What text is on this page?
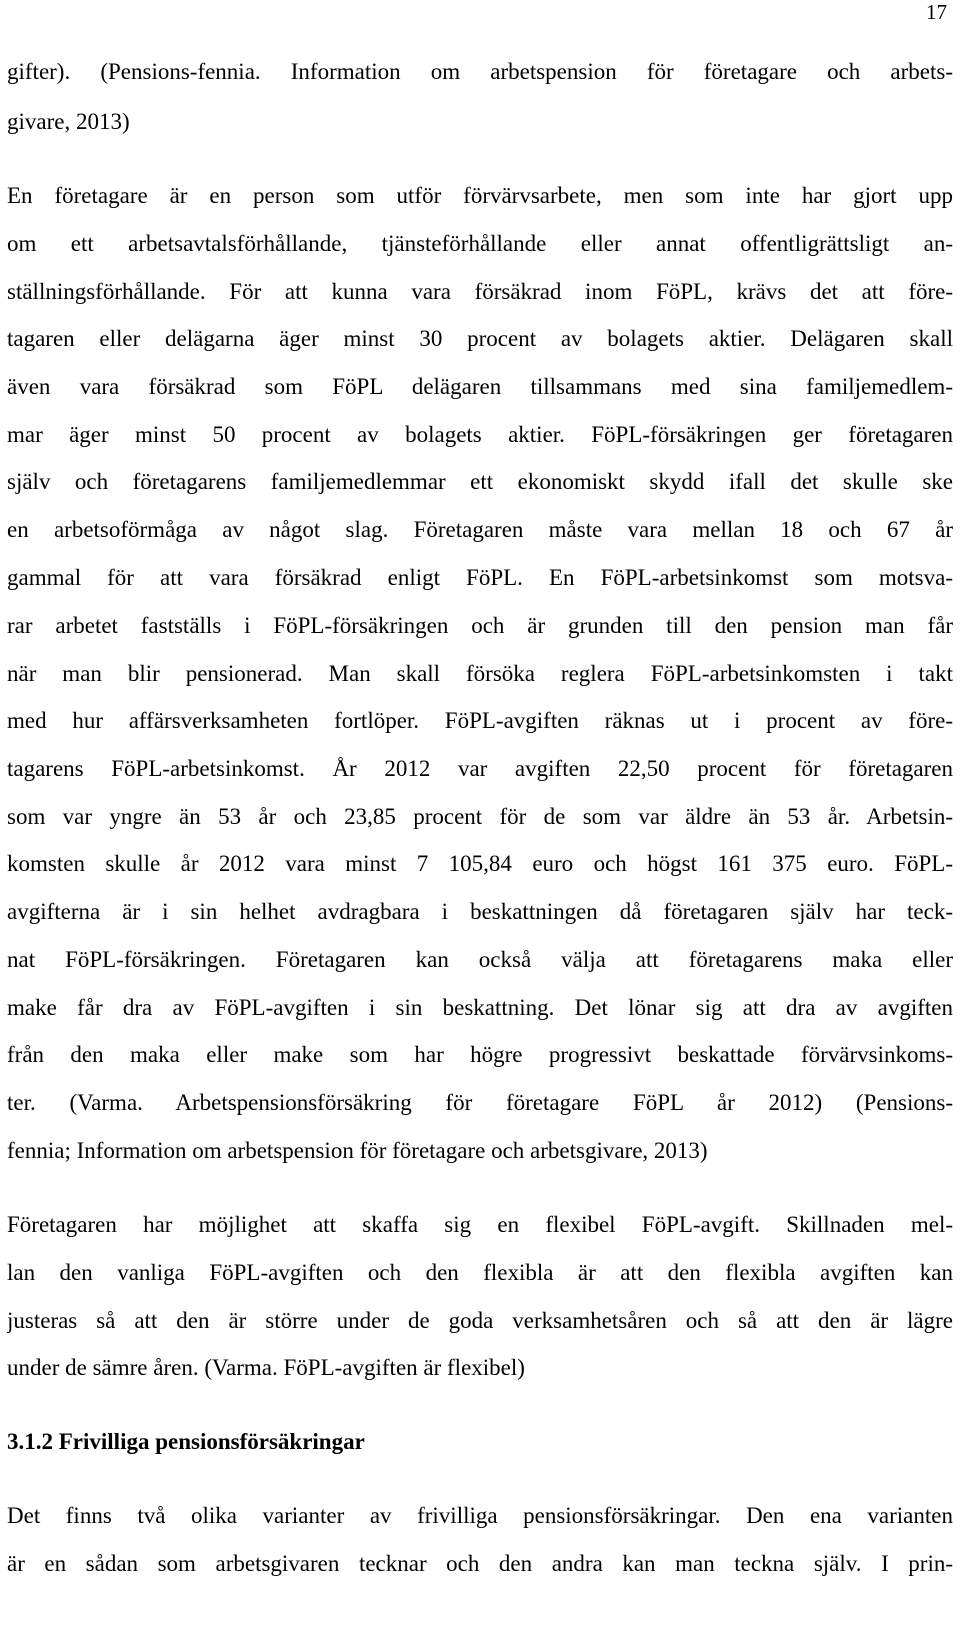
17
gifter). (Pensions-fennia. Information om arbetspension för företagare och arbets-
givare, 2013)
En företagare är en person som utför förvärvsarbete, men som inte har gjort upp
om ett arbetsavtalsförhållande, tjänsteförhållande eller annat offentligrättsligt an-
ställningsförhållande. För att kunna vara försäkrad inom FöPL, krävs det att före-
tagaren eller delägarna äger minst 30 procent av bolagets aktier. Delägaren skall
även vara försäkrad som FöPL delägaren tillsammans med sina familjemedlem-
mar äger minst 50 procent av bolagets aktier. FöPL-försäkringen ger företagaren
själv och företagarens familjemedlemmar ett ekonomiskt skydd ifall det skulle ske
en arbetsoförmåga av något slag. Företagaren måste vara mellan 18 och 67 år
gammal för att vara försäkrad enligt FöPL. En FöPL-arbetsinkomst som motsva-
rar arbetet fastställs i FöPL-försäkringen och är grunden till den pension man får
när man blir pensionerad. Man skall försöka reglera FöPL-arbetsinkomsten i takt
med hur affärsverksamheten fortlöper. FöPL-avgiften räknas ut i procent av före-
tagarens FöPL-arbetsinkomst. År 2012 var avgiften 22,50 procent för företagaren
som var yngre än 53 år och 23,85 procent för de som var äldre än 53 år. Arbetsin-
komsten skulle år 2012 vara minst 7 105,84 euro och högst 161 375 euro. FöPL-
avgifterna är i sin helhet avdragbara i beskattningen då företagaren själv har teck-
nat FöPL-försäkringen. Företagaren kan också välja att företagarens maka eller
make får dra av FöPL-avgiften i sin beskattning. Det lönar sig att dra av avgiften
från den maka eller make som har högre progressivt beskattade förvärvsinkoms-
ter. (Varma. Arbetspensionsförsäkring för företagare FöPL år 2012) (Pensions-
fennia; Information om arbetspension för företagare och arbetsgivare, 2013)
Företagaren har möjlighet att skaffa sig en flexibel FöPL-avgift. Skillnaden mel-
lan den vanliga FöPL-avgiften och den flexibla är att den flexibla avgiften kan
justeras så att den är större under de goda verksamhetsåren och så att den är lägre
under de sämre åren. (Varma. FöPL-avgiften är flexibel)
3.1.2 Frivilliga pensionsförsäkringar
Det finns två olika varianter av frivilliga pensionsförsäkringar. Den ena varianten
är en sådan som arbetsgivaren tecknar och den andra kan man teckna själv. I prin-
